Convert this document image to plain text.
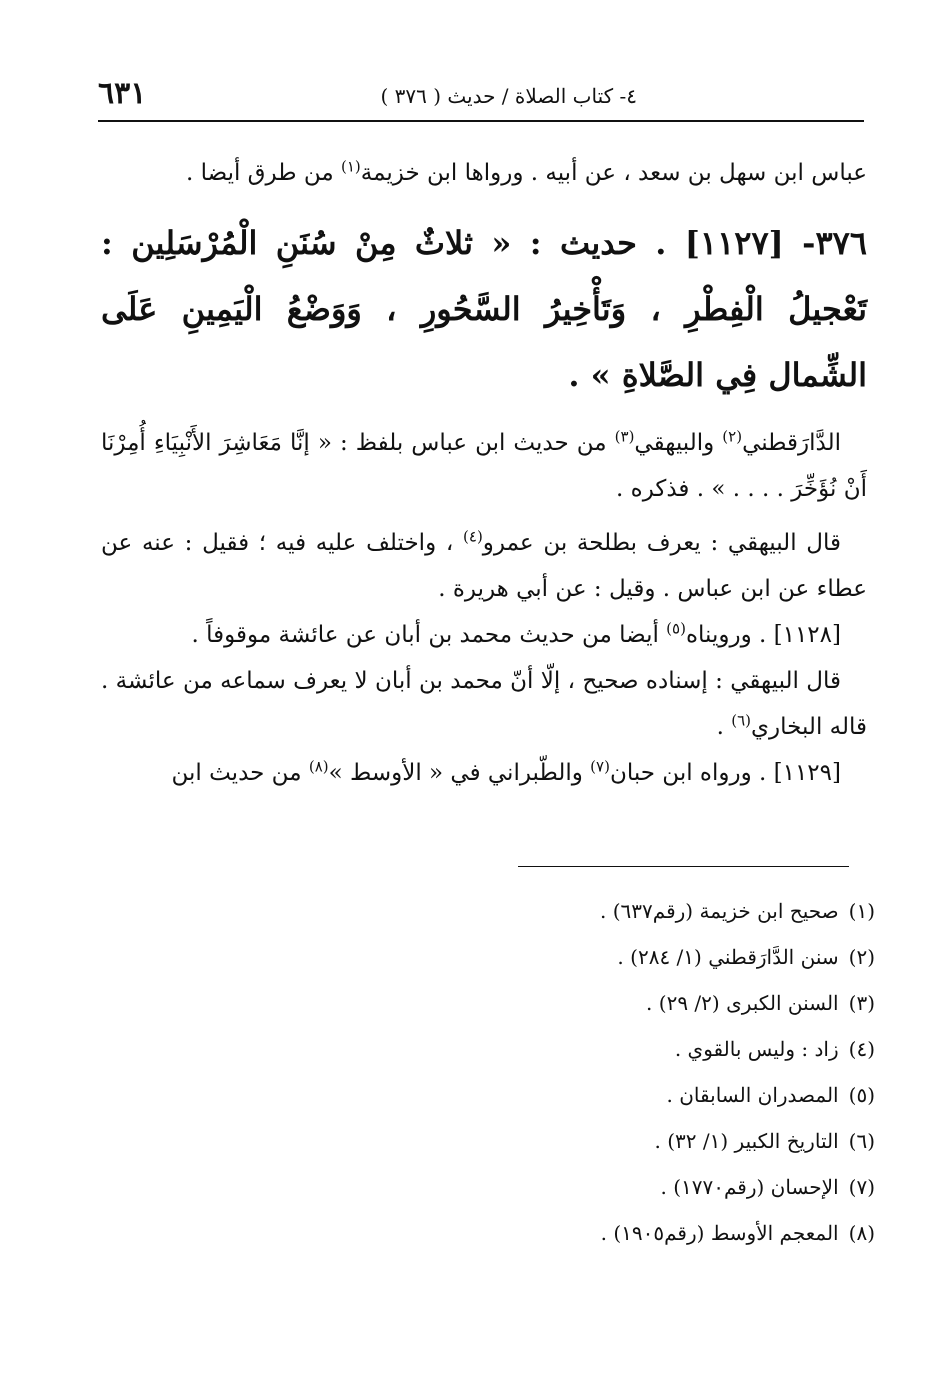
٤- كتاب الصلاة / حديث ( ٣٧٦ )
٦٣١

عباس ابن سهل بن سعد ، عن أبيه . ورواها ابن خزيمة$^{(١)}$ من طرق أيضا .

٣٧٦- [١١٢٧] . حديث : « ثلاثٌ مِنْ سُنَنِ الْمُرْسَلِين : تَعْجيلُ الْفِطْرِ ، وَتَأْخِيرُ السَّحُورِ ، وَوَضْعُ الْيَمِينِ عَلَى الشِّمال فِي الصَّلاةِ » .

الدَّارَقطني$^{(٢)}$ والبيهقي$^{(٣)}$ من حديث ابن عباس بلفظ : « إنَّا مَعَاشِرَ الأَنْبِيَاءِ أُمِرْنَا أَنْ نُؤَخِّرَ . . . . » . فذكره .

قال البيهقي : يعرف بطلحة بن عمرو$^{(٤)}$ ، واختلف عليه فيه ؛ فقيل : عنه عن عطاء عن ابن عباس . وقيل : عن أبي هريرة .

[١١٢٨] . ورويناه$^{(٥)}$ أيضا من حديث محمد بن أبان عن عائشة موقوفاً .

قال البيهقي : إسناده صحيح ، إلّا أنّ محمد بن أبان لا يعرف سماعه من عائشة . قاله البخاري$^{(٦)}$ .

[١١٢٩] . ورواه ابن حبان$^{(٧)}$ والطّبراني في « الأوسط »$^{(٨)}$ من حديث ابن

(١)صحيح ابن خزيمة (رقم٦٣٧) .
(٢)سنن الدَّارَقطني (١/ ٢٨٤) .
(٣)السنن الكبرى (٢/ ٢٩) .
(٤)زاد : وليس بالقوي .
(٥)المصدران السابقان .
(٦)التاريخ الكبير (١/ ٣٢) .
(٧)الإحسان (رقم١٧٧٠) .
(٨)المعجم الأوسط (رقم١٩٠٥) .
